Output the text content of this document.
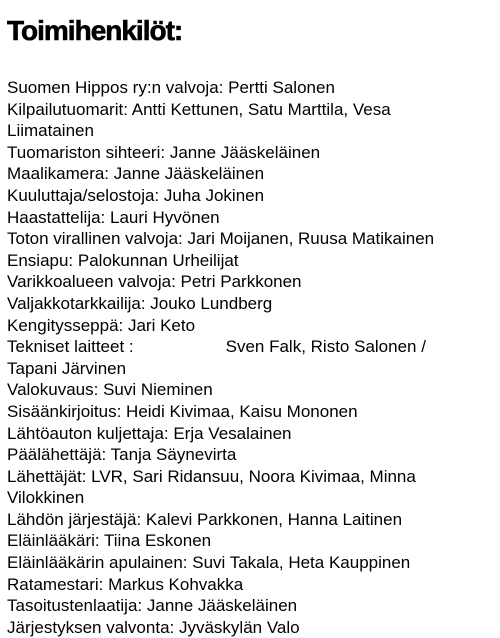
Toimihenkilöt:
Suomen Hippos ry:n valvoja: Pertti Salonen
Kilpailutuomarit: Antti Kettunen, Satu Marttila, Vesa
Liimatainen
Tuomariston sihteeri: Janne Jääskeläinen
Maalikamera: Janne Jääskeläinen
Kuuluttaja/selostoja: Juha Jokinen
Haastattelija: Lauri Hyvönen
Toton virallinen valvoja: Jari Moijanen, Ruusa Matikainen
Ensiapu: Palokunnan Urheilijat
Varikkoalueen valvoja: Petri Parkkonen
Valjakkotarkkailija: Jouko Lundberg
Kengitysseppä: Jari Keto
Tekniset laitteet :	Sven Falk, Risto Salonen /
Tapani Järvinen
Valokuvaus: Suvi Nieminen
Sisäänkirjoitus: Heidi Kivimaa, Kaisu Mononen
Lähtöauton kuljettaja: Erja Vesalainen
Päälähettäjä: Tanja Säynevirta
Lähettäjät: LVR, Sari Ridansuu, Noora Kivimaa, Minna
Vilokkinen
Lähdön järjestäjä: Kalevi Parkkonen, Hanna Laitinen
Eläinlääkäri: Tiina Eskonen
Eläinlääkärin apulainen: Suvi Takala, Heta Kauppinen
Ratamestari: Markus Kohvakka
Tasoitustenlaatija: Janne Jääskeläinen
Järjestyksen valvonta: Jyväskylän Valo
